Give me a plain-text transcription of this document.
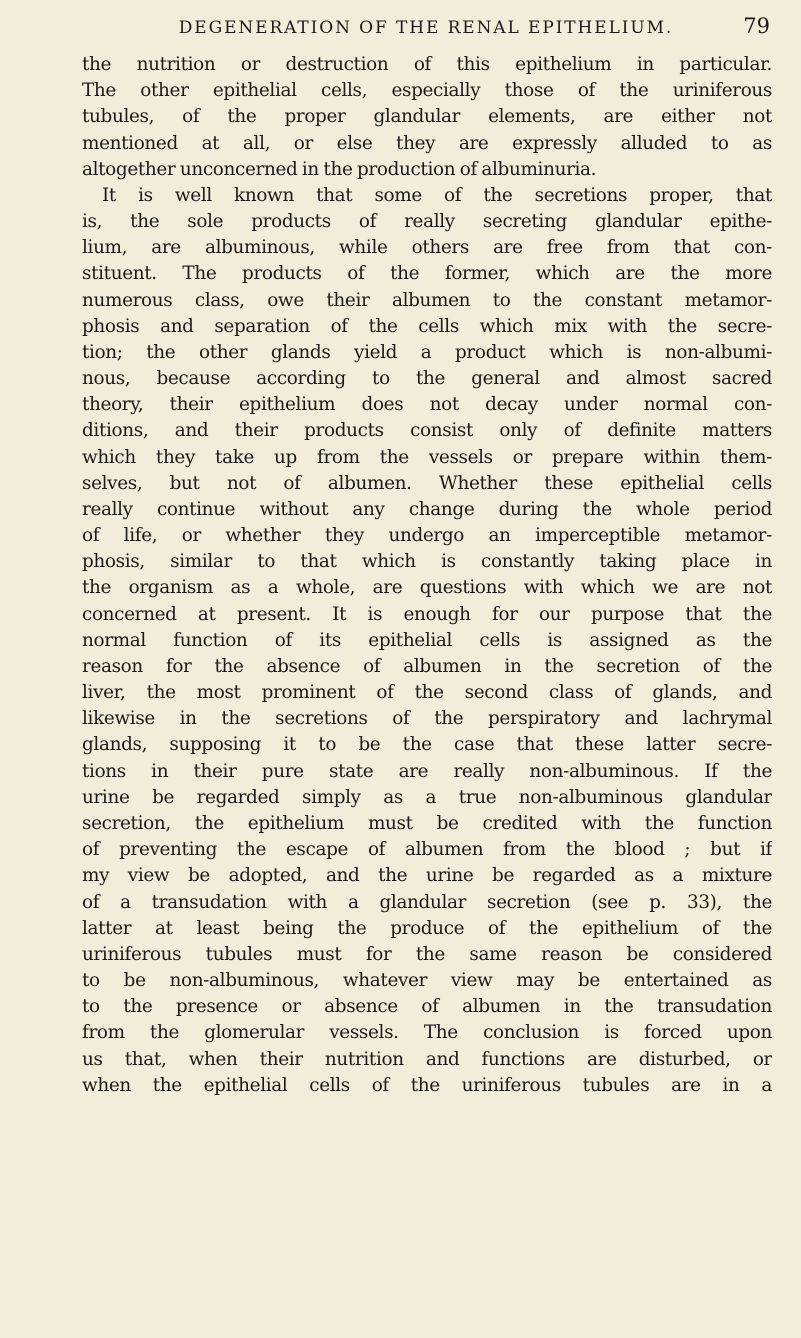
DEGENERATION OF THE RENAL EPITHELIUM.	79
the nutrition or destruction of this epithelium in particular.
The other epithelial cells, especially those of the uriniferous
tubules, of the proper glandular elements, are either not
mentioned at all, or else they are expressly alluded to as
altogether unconcerned in the production of albuminuria.
It is well known that some of the secretions proper, that
is, the sole products of really secreting glandular epithe-
lium, are albuminous, while others are free from that con-
stituent. The products of the former, which are the more
numerous class, owe their albumen to the constant metamor-
phosis and separation of the cells which mix with the secre-
tion; the other glands yield a product which is non-albumi-
nous, because according to the general and almost sacred
theory, their epithelium does not decay under normal con-
ditions, and their products consist only of definite matters
which they take up from the vessels or prepare within them-
selves, but not of albumen. Whether these epithelial cells
really continue without any change during the whole period
of life, or whether they undergo an imperceptible metamor-
phosis, similar to that which is constantly taking place in
the organism as a whole, are questions with which we are not
concerned at present. It is enough for our purpose that the
normal function of its epithelial cells is assigned as the
reason for the absence of albumen in the secretion of the
liver, the most prominent of the second class of glands, and
likewise in the secretions of the perspiratory and lachrymal
glands, supposing it to be the case that these latter secre-
tions in their pure state are really non-albuminous. If the
urine be regarded simply as a true non-albuminous glandular
secretion, the epithelium must be credited with the function
of preventing the escape of albumen from the blood ; but if
my view be adopted, and the urine be regarded as a mixture
of a transudation with a glandular secretion (see p. 33), the
latter at least being the produce of the epithelium of the
uriniferous tubules must for the same reason be considered
to be non-albuminous, whatever view may be entertained as
to the presence or absence of albumen in the transudation
from the glomerular vessels. The conclusion is forced upon
us that, when their nutrition and functions are disturbed, or
when the epithelial cells of the uriniferous tubules are in a
